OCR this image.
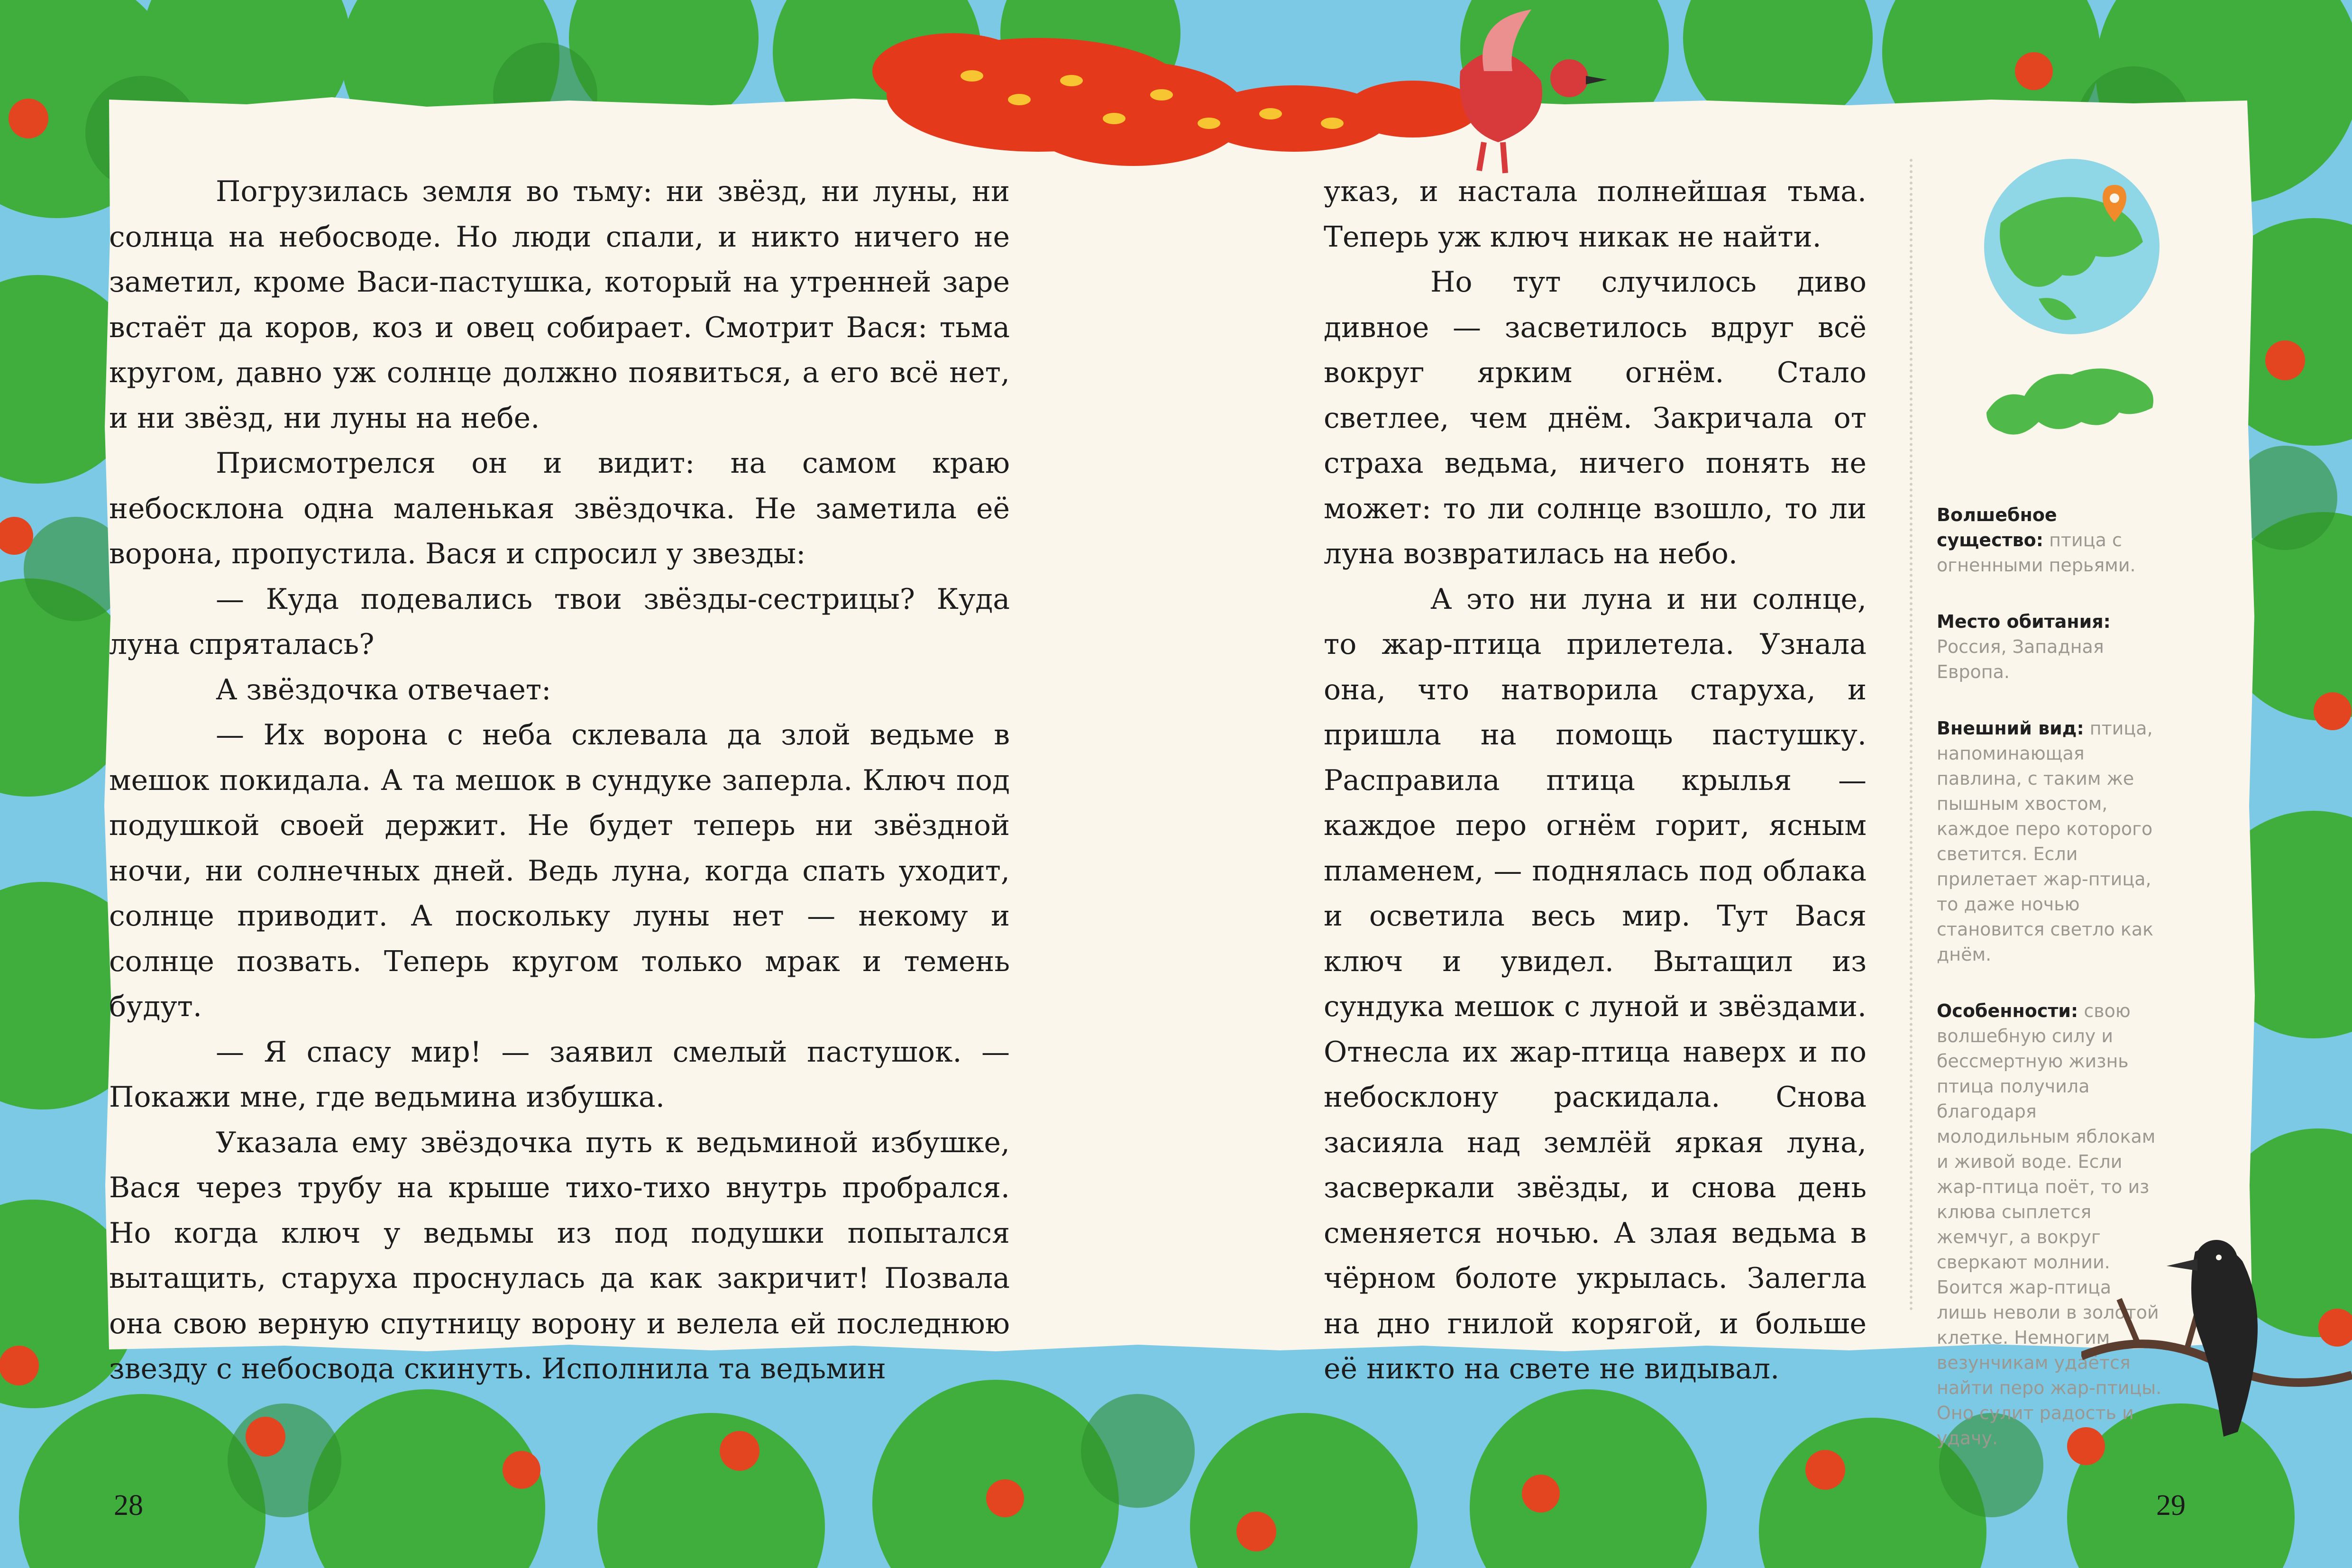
Погрузилась земля во тьму: ни звёзд, ни луны, ни солнца на небосводе. Но люди спали, и никто ничего не заметил, кроме Васи-пастушка, который на утренней заре встаёт да коров, коз и овец собирает. Смотрит Вася: тьма кругом, давно уж солнце должно появиться, а его всё нет, и ни звёзд, ни луны на небе.

Присмотрелся он и видит: на самом краю небосклона одна маленькая звёздочка. Не заметила её ворона, пропустила. Вася и спросил у звезды:

— Куда подевались твои звёзды-сестрицы? Куда луна спряталась?

А звёздочка отвечает:

— Их ворона с неба склевала да злой ведьме в мешок покидала. А та мешок в сундуке заперла. Ключ под подушкой своей держит. Не будет теперь ни звёздной ночи, ни солнечных дней. Ведь луна, когда спать уходит, солнце приводит. А поскольку луны нет — некому и солнце позвать. Теперь кругом только мрак и темень будут.

— Я спасу мир! — заявил смелый пастушок. — Покажи мне, где ведьмина избушка.

Указала ему звёздочка путь к ведьминой избушке, Вася через трубу на крыше тихо-тихо внутрь пробрался. Но когда ключ у ведьмы из под подушки попытался вытащить, старуха проснулась да как закричит! Позвала она свою верную спутницу ворону и велела ей последнюю звезду с небосвода скинуть. Исполнила та ведьмин

указ, и настала полнейшая тьма. Теперь уж ключ никак не найти.

Но тут случилось диво дивное — засветилось вдруг всё вокруг ярким огнём. Стало светлее, чем днём. Закричала от страха ведьма, ничего понять не может: то ли солнце взошло, то ли луна возвратилась на небо.

А это ни луна и ни солнце, то жар-птица прилетела. Узнала она, что натворила старуха, и пришла на помощь пастушку. Расправила птица крылья — каждое перо огнём горит, ясным пламенем, — поднялась под облака и осветила весь мир. Тут Вася ключ и увидел. Вытащил из сундука мешок с луной и звёздами. Отнесла их жар-птица наверх и по небосклону раскидала. Снова засияла над землёй яркая луна, засверкали звёзды, и снова день сменяется ночью. А злая ведьма в чёрном болоте укрылась. Залегла на дно гнилой корягой, и больше её никто на свете не видывал.

Волшебное существо: птица с огненными перьями.

Место обитания: Россия, Западная Европа.

Внешний вид: птица, напоминающая павлина, с таким же пышным хвостом, каждое перо которого светится. Если прилетает жар-птица, то даже ночью становится светло как днём.

Особенности: свою волшебную силу и бессмертную жизнь птица получила благодаря молодильным яблокам и живой воде. Если жар-птица поёт, то из клюва сыплется жемчуг, а вокруг сверкают молнии. Боится жар-птица лишь неволи в золотой клетке. Немногим везунчикам удаётся найти перо жар-птицы. Оно сулит радость и удачу.

28	29
